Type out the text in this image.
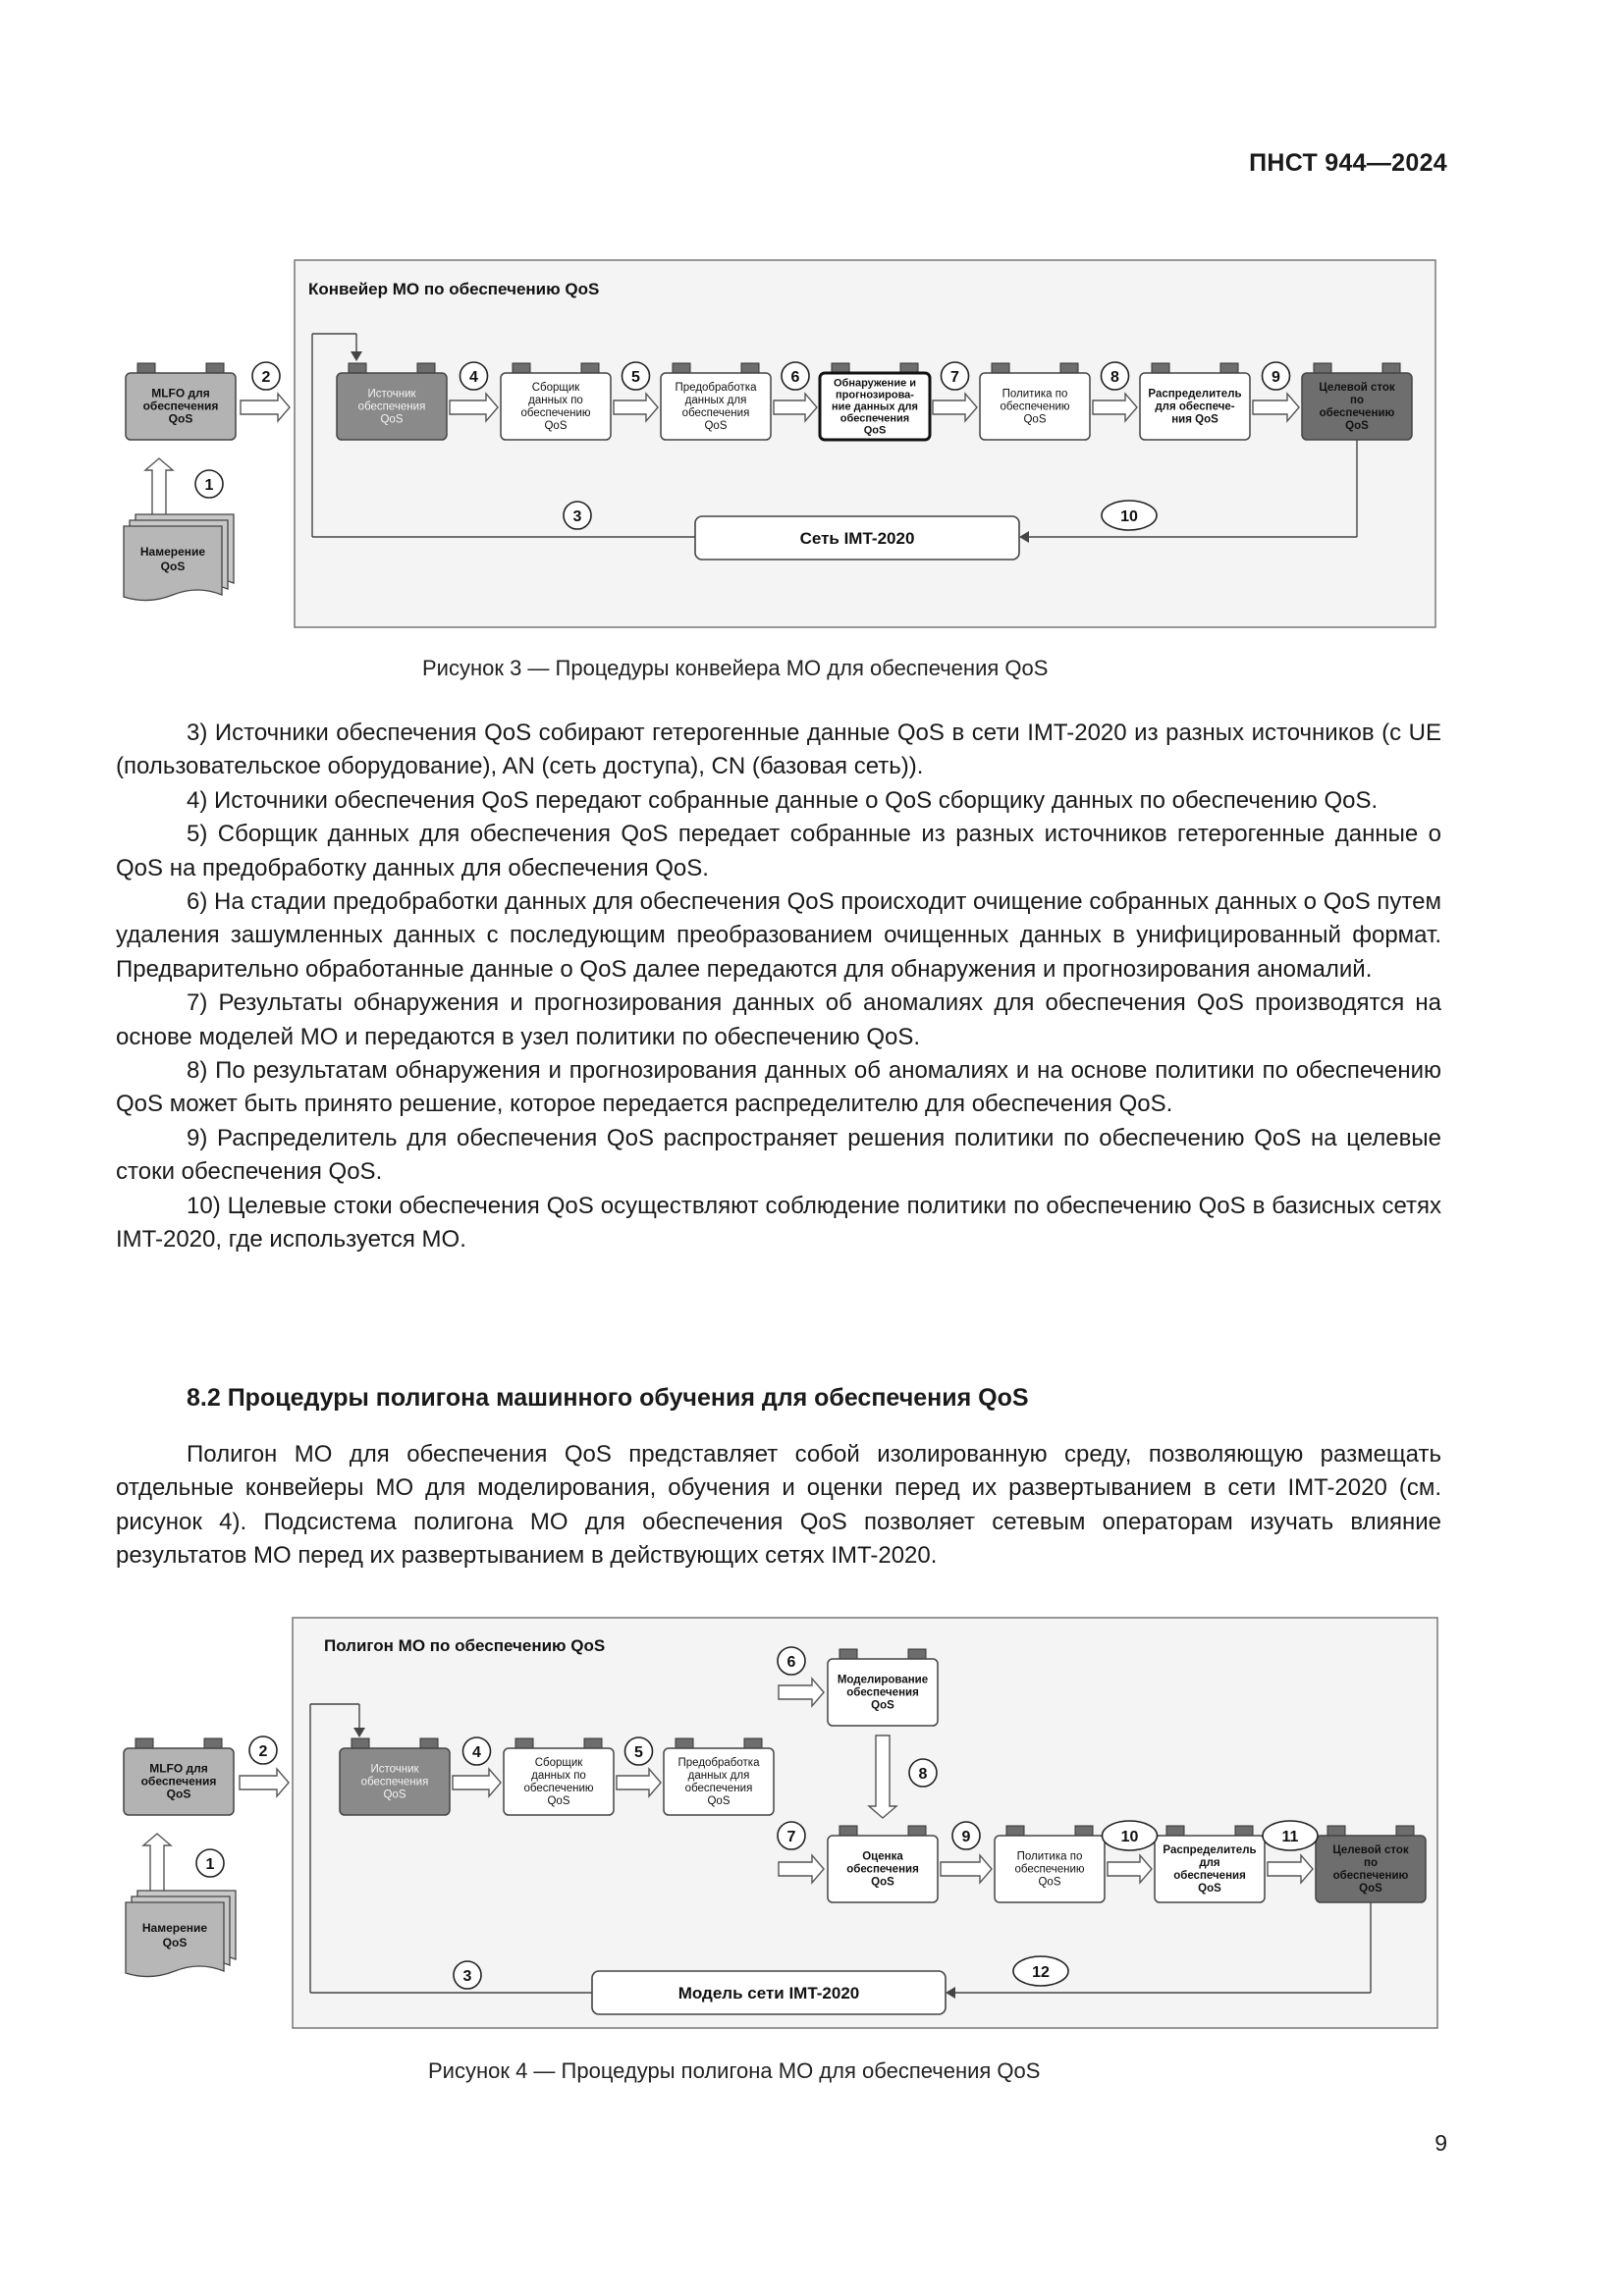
ПНСТ 944—2024
Конвейер МО по обеспечению QoS
MLFO для
обеспечения
QoS
1
Намерение
QoS
2
Источник
обеспечения
QoS
Сборщик
данных по
обеспечению
QoS
Предобработка
данных для
обеспечения
QoS
Обнаружение и
прогнозирова-
ние данных для
обеспечения
QoS
Политика по
обеспечению
QoS
Распределитель
для обеспече-
ния QoS
Целевой сток
по
обеспечению
QoS
4	5	6	7	8	9
10
Сеть IMT-2020
3
Рисунок 3 — Процедуры конвейера МО для обеспечения QoS

3) Источники обеспечения QoS собирают гетерогенные данные QoS в сети IMT-2020 из разных источников (с UE (пользовательское оборудование), AN (сеть доступа), CN (базовая сеть)).

4) Источники обеспечения QoS передают собранные данные о QoS сборщику данных по обеспечению QoS.

5) Сборщик данных для обеспечения QoS передает собранные из разных источников гетерогенные данные о QoS на предобработку данных для обеспечения QoS.

6) На стадии предобработки данных для обеспечения QoS происходит очищение собранных данных о QoS путем удаления зашумленных данных с последующим преобразованием очищенных данных в унифицированный формат. Предварительно обработанные данные о QoS далее передаются для обнаружения и прогнозирования аномалий.

7) Результаты обнаружения и прогнозирования данных об аномалиях для обеспечения QoS производятся на основе моделей МО и передаются в узел политики по обеспечению QoS.

8) По результатам обнаружения и прогнозирования данных об аномалиях и на основе политики по обеспечению QoS может быть принято решение, которое передается распределителю для обеспечения QoS.

9) Распределитель для обеспечения QoS распространяет решения политики по обеспечению QoS на целевые стоки обеспечения QoS.

10) Целевые стоки обеспечения QoS осуществляют соблюдение политики по обеспечению QoS в базисных сетях IMT-2020, где используется МО.

8.2 Процедуры полигона машинного обучения для обеспечения QoS

Полигон МО для обеспечения QoS представляет собой изолированную среду, позволяющую размещать отдельные конвейеры МО для моделирования, обучения и оценки перед их развертыванием в сети IMT-2020 (см. рисунок 4). Подсистема полигона МО для обеспечения QoS позволяет сетевым операторам изучать влияние результатов МО перед их развертыванием в действующих сетях IMT-2020.

Полигон МО по обеспечению QoS
MLFO для
обеспечения
QoS
1
Намерение
QoS
2
Источник
обеспечения
QoS
Сборщик
данных по
обеспечению
QoS
Предобработка
данных для
обеспечения
QoS
Моделирование
обеспечения
QoS
Оценка
обеспечения
QoS
Политика по
обеспечению
QoS
Распределитель
для
обеспечения
QoS
Целевой сток
по
обеспечению
QoS
4	5
6
7
8
9	10	11
12
Модель сети IMT-2020
3
Рисунок 4 — Процедуры полигона МО для обеспечения QoS
9
